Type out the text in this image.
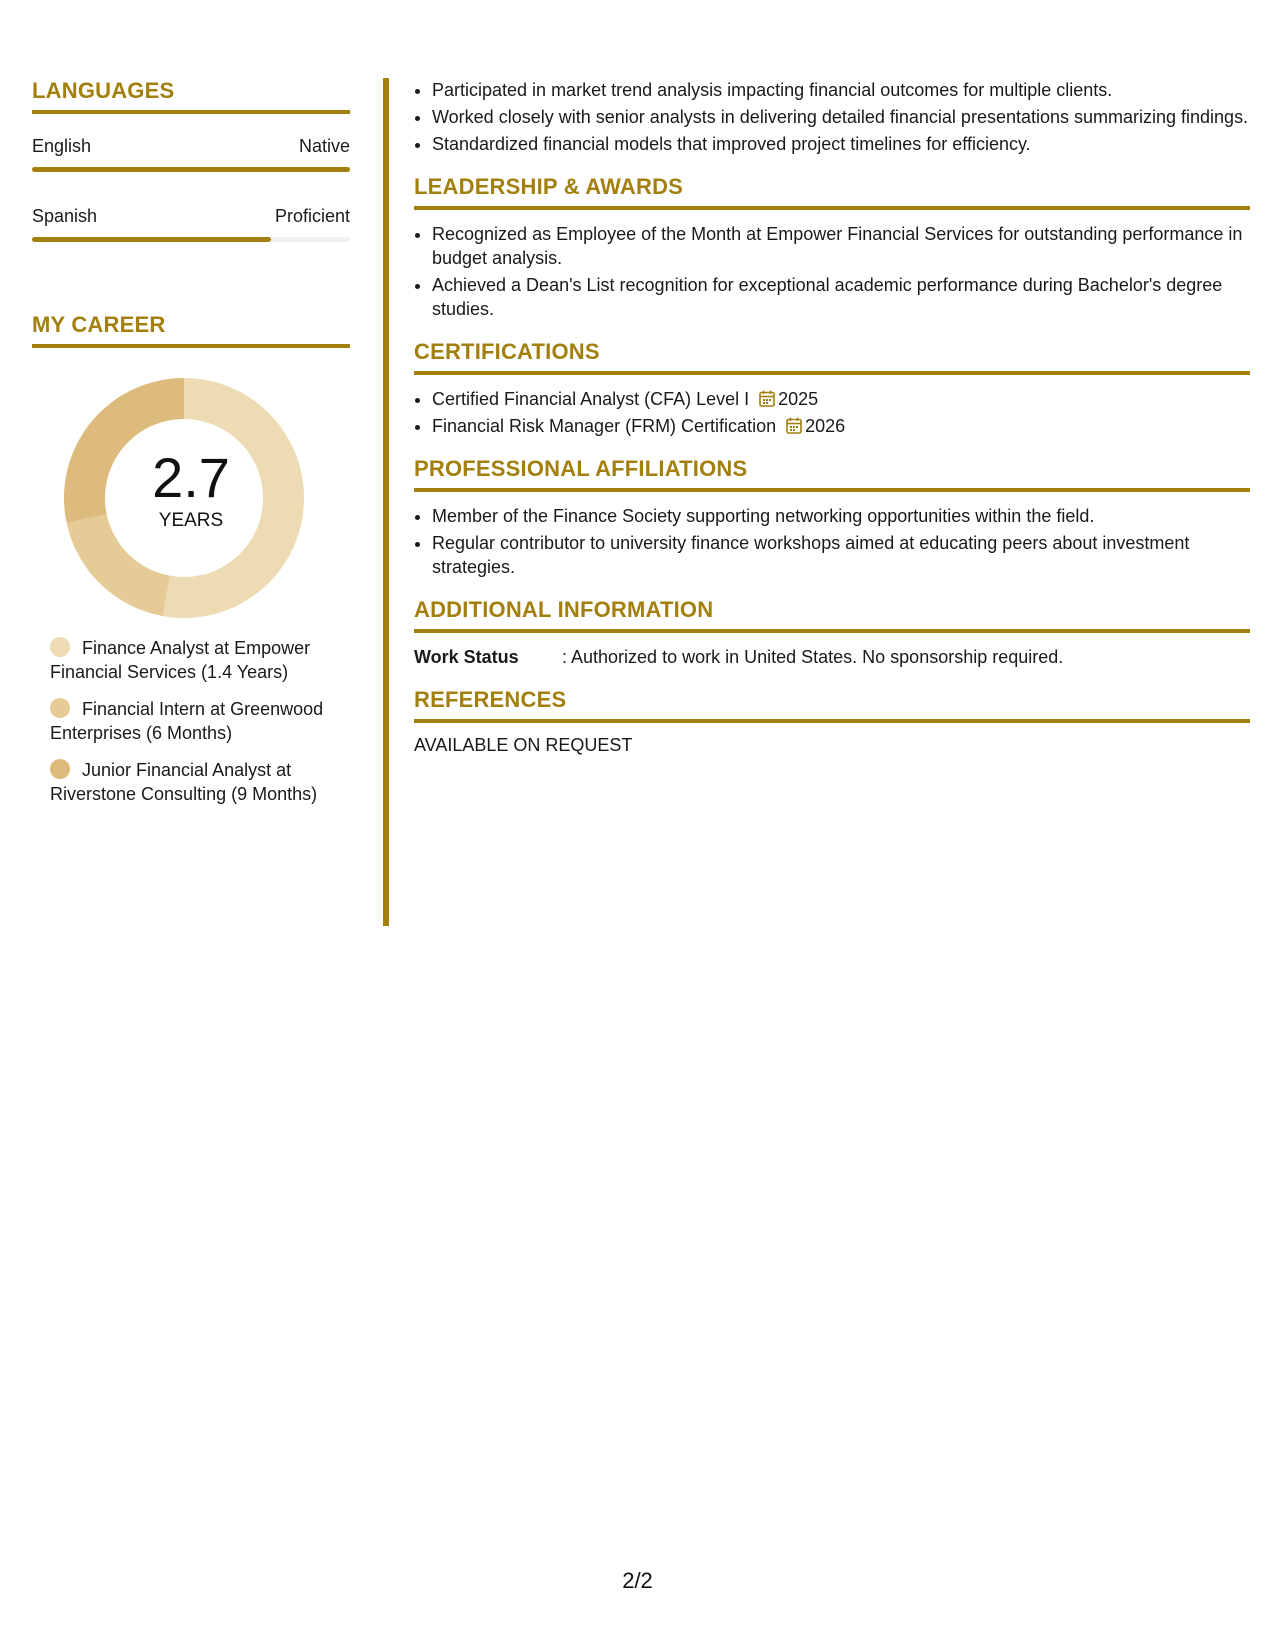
LANGUAGES
English	Native
Spanish	Proficient
MY CAREER
2.7
YEARS
Finance Analyst at Empower Financial Services (1.4 Years)
Financial Intern at Greenwood Enterprises (6 Months)
Junior Financial Analyst at Riverstone Consulting (9 Months)
• Participated in market trend analysis impacting financial outcomes for multiple clients.
• Worked closely with senior analysts in delivering detailed financial presentations summarizing findings.
• Standardized financial models that improved project timelines for efficiency.
LEADERSHIP & AWARDS
• Recognized as Employee of the Month at Empower Financial Services for outstanding performance in budget analysis.
• Achieved a Dean's List recognition for exceptional academic performance during Bachelor's degree studies.
CERTIFICATIONS
• Certified Financial Analyst (CFA) Level I 2025
• Financial Risk Manager (FRM) Certification 2026
PROFESSIONAL AFFILIATIONS
• Member of the Finance Society supporting networking opportunities within the field.
• Regular contributor to university finance workshops aimed at educating peers about investment strategies.
ADDITIONAL INFORMATION
Work Status	: Authorized to work in United States. No sponsorship required.
REFERENCES
AVAILABLE ON REQUEST
2/2
